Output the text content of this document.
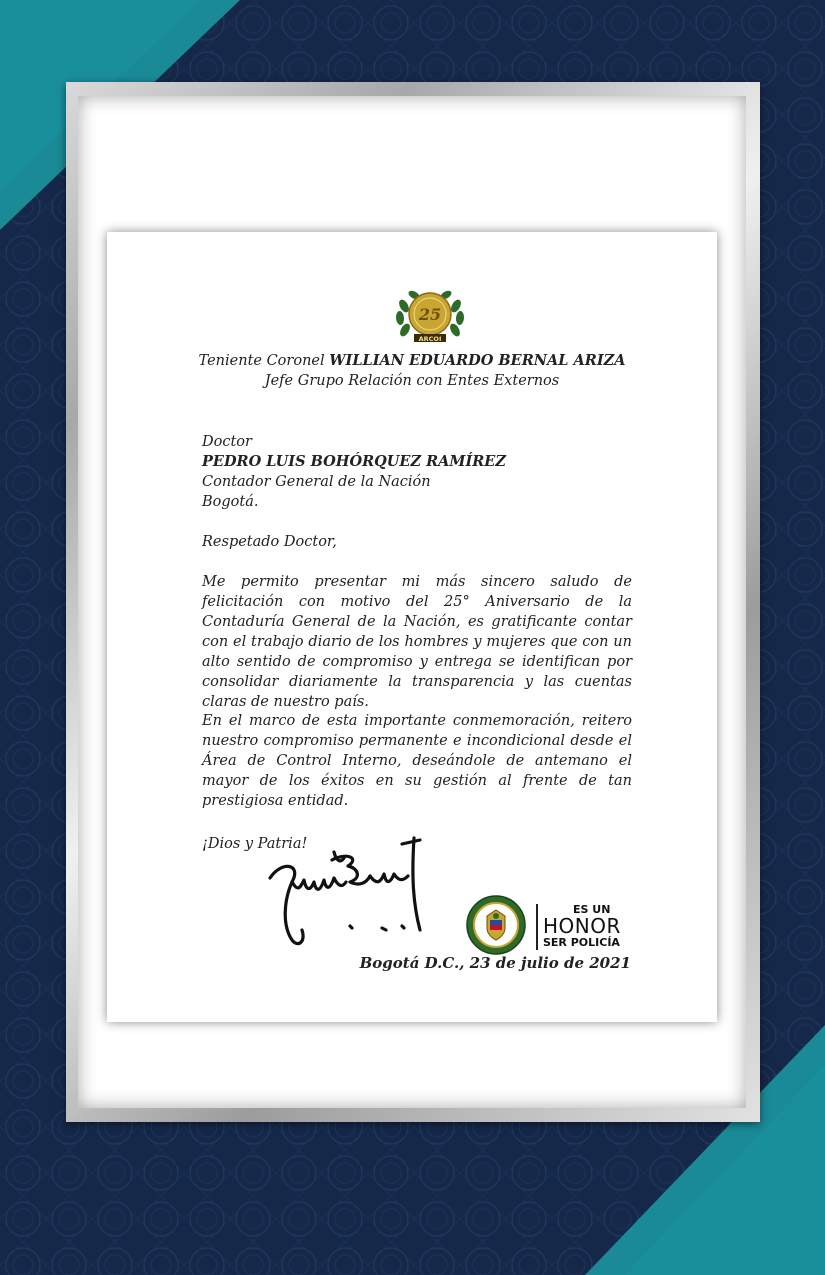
25
ARCOI
Teniente Coronel WILLIAN EDUARDO BERNAL ARIZA
Jefe Grupo Relación con Entes Externos
Doctor
PEDRO LUIS BOHÓRQUEZ RAMÍREZ
Contador General de la Nación
Bogotá.
Respetado Doctor,
Me permito presentar mi más sincero saludo de felicitación con motivo del 25° Aniversario de la Contaduría General de la Nación, es gratificante contar con el trabajo diario de los hombres y mujeres que con un alto sentido de compromiso y entrega se identifican por consolidar diariamente la transparencia y las cuentas claras de nuestro país.
En el marco de esta importante conmemoración, reitero nuestro compromiso permanente e incondicional desde el Área de Control Interno, deseándole de antemano el mayor de los éxitos en su gestión al frente de tan prestigiosa entidad.
¡Dios y Patria!
ES UN
HONOR
SER POLICÍA
Bogotá D.C., 23 de julio de 2021
